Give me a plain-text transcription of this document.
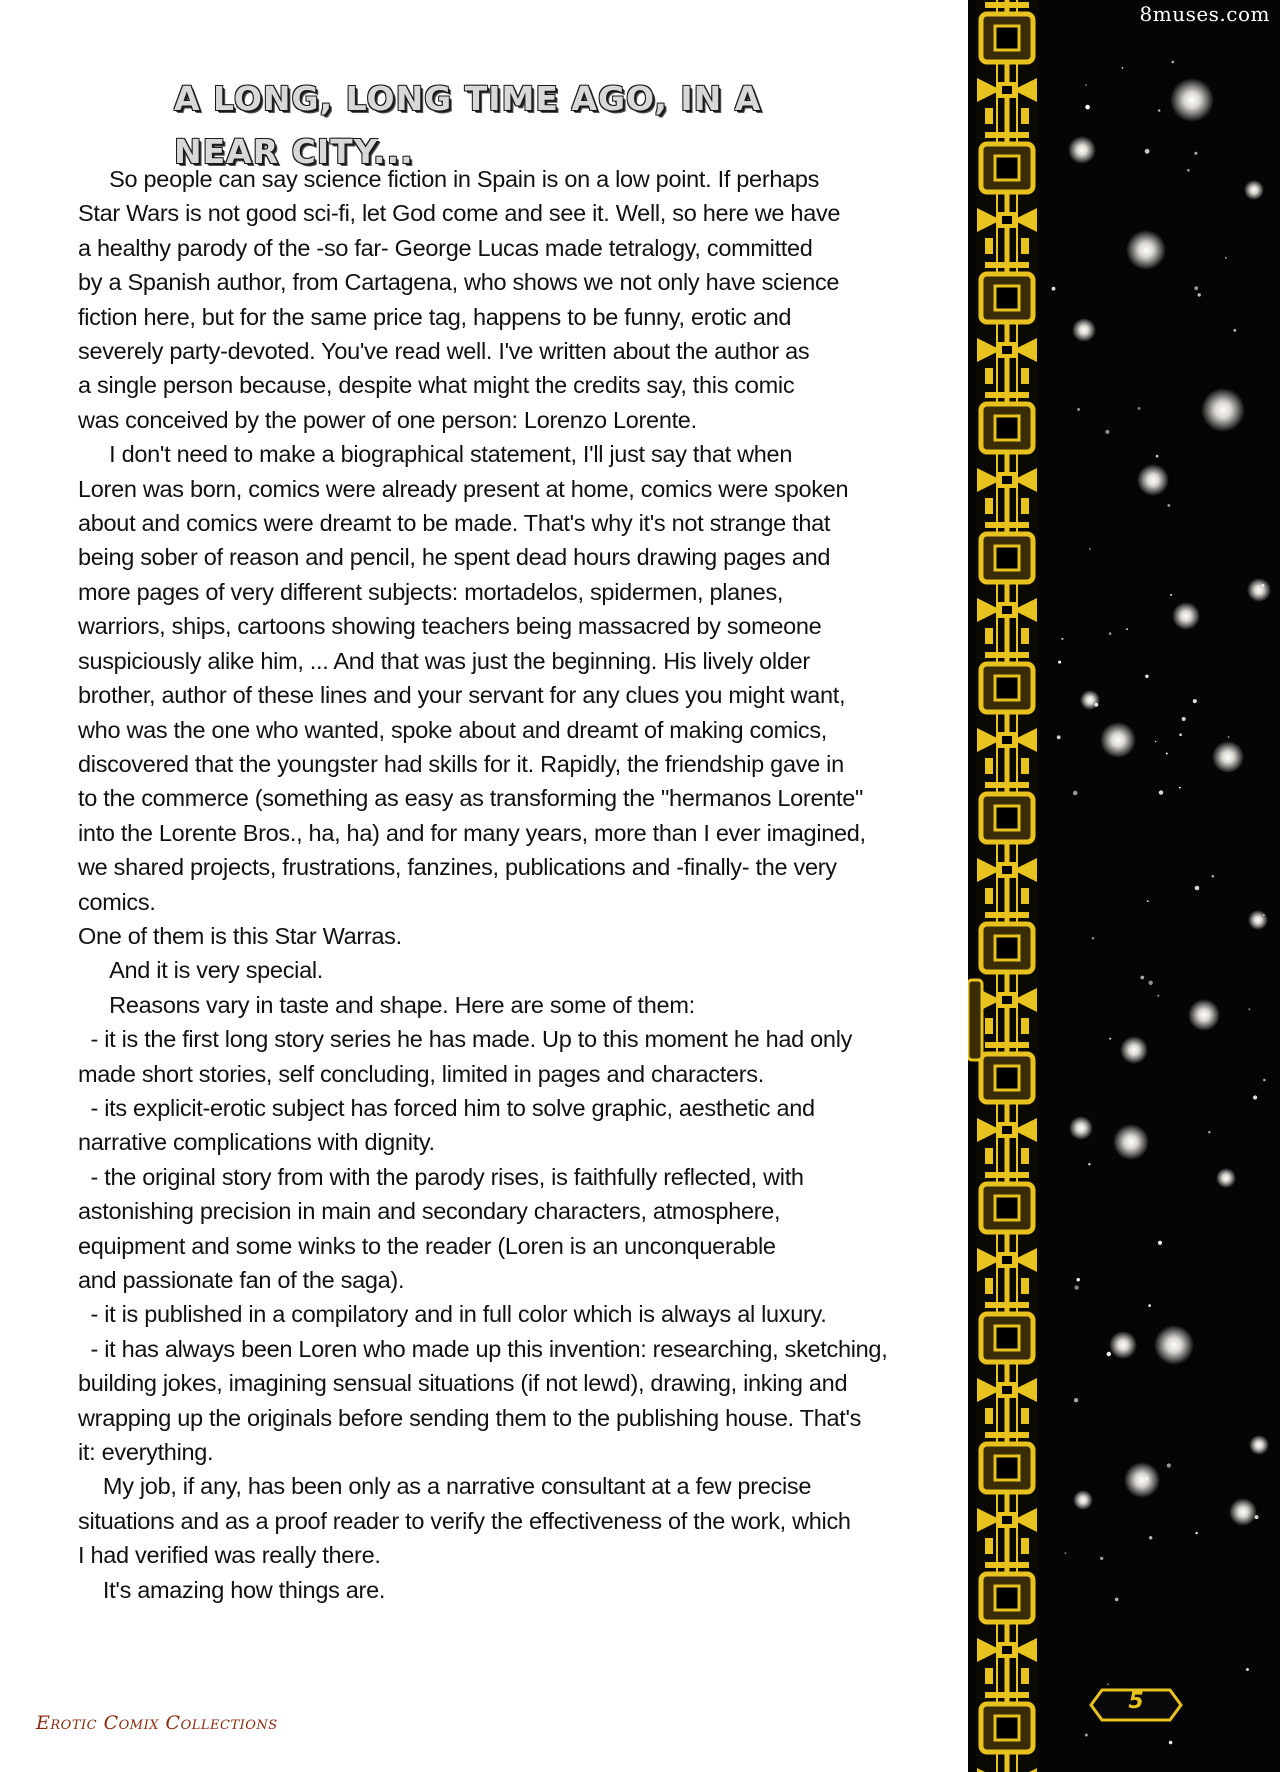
A LONG, LONG TIME AGO, IN A
NEAR CITY...

So people can say science fiction in Spain is on a low point. If perhaps
Star Wars is not good sci-fi, let God come and see it. Well, so here we have
a healthy parody of the -so far- George Lucas made tetralogy, committed
by a Spanish author, from Cartagena, who shows we not only have science
fiction here, but for the same price tag, happens to be funny, erotic and
severely party-devoted. You've read well. I've written about the author as
a single person because, despite what might the credits say, this comic
was conceived by the power of one person: Lorenzo Lorente.

I don't need to make a biographical statement, I'll just say that when
Loren was born, comics were already present at home, comics were spoken
about and comics were dreamt to be made. That's why it's not strange that
being sober of reason and pencil, he spent dead hours drawing pages and
more pages of very different subjects: mortadelos, spidermen, planes,
warriors, ships, cartoons showing teachers being massacred by someone
suspiciously alike him, ... And that was just the beginning. His lively older
brother, author of these lines and your servant for any clues you might want,
who was the one who wanted, spoke about and dreamt of making comics,
discovered that the youngster had skills for it. Rapidly, the friendship gave in
to the commerce (something as easy as transforming the "hermanos Lorente"
into the Lorente Bros., ha, ha) and for many years, more than I ever imagined,
we shared projects, frustrations, fanzines, publications and -finally- the very
comics.

One of them is this Star Warras.

And it is very special.

Reasons vary in taste and shape. Here are some of them:

- it is the first long story series he has made. Up to this moment he had only
made short stories, self concluding, limited in pages and characters.

- its explicit-erotic subject has forced him to solve graphic, aesthetic and
narrative complications with dignity.

- the original story from with the parody rises, is faithfully reflected, with
astonishing precision in main and secondary characters, atmosphere,
equipment and some winks to the reader (Loren is an unconquerable
and passionate fan of the saga).

- it is published in a compilatory and in full color which is always al luxury.

- it has always been Loren who made up this invention: researching, sketching,
building jokes, imagining sensual situations (if not lewd), drawing, inking and
wrapping up the originals before sending them to the publishing house. That's
it: everything.

My job, if any, has been only as a narrative consultant at a few precise
situations and as a proof reader to verify the effectiveness of the work, which
I had verified was really there.

It's amazing how things are.

Erotic Comix Collections
8muses.com
5
